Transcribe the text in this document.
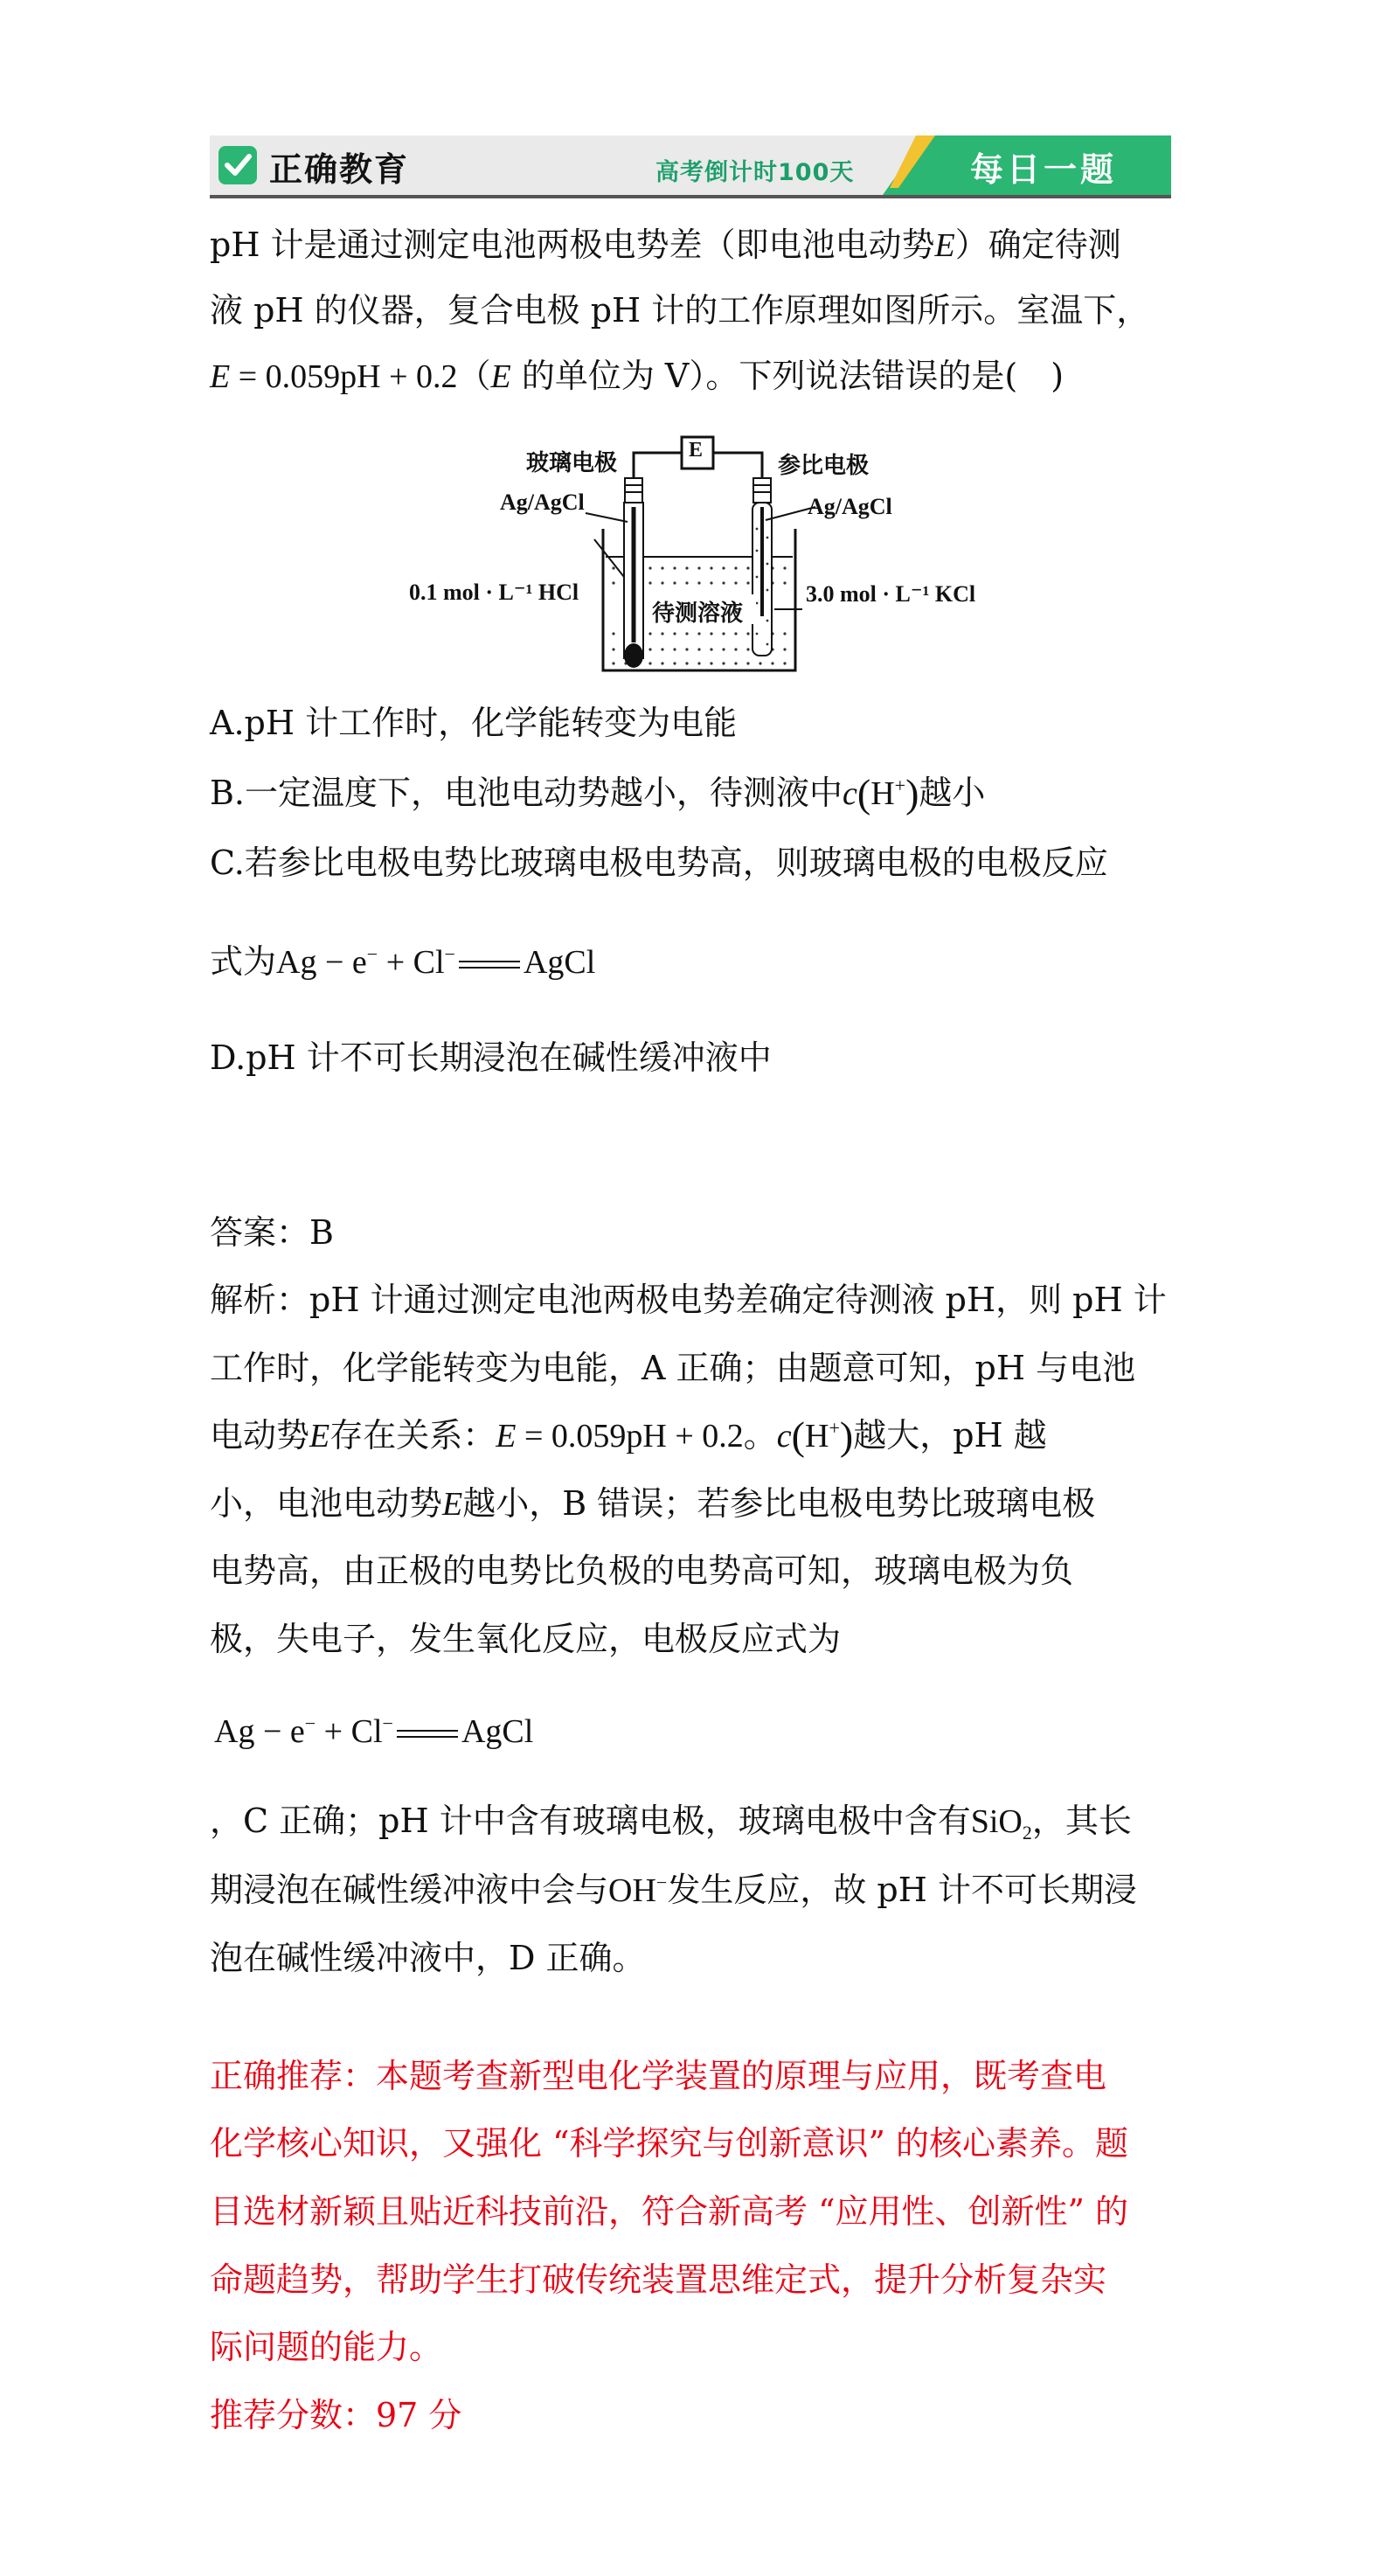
正确教育	高考倒计时100天	每日一题
pH 计是通过测定电池两极电势差（即电池电动势E）确定待测
液 pH 的仪器，复合电极 pH 计的工作原理如图所示。室温下，
E = 0.059pH + 0.2（E 的单位为 V）。下列说法错误的是(　)
玻璃电极	E
参比电极
Ag/AgCl	Ag/AgCl
0.1 mol · L⁻¹ HCl
待测溶液
3.0 mol · L⁻¹ KCl
A.pH 计工作时，化学能转变为电能
B.一定温度下，电池电动势越小，待测液中c(H+)越小
C.若参比电极电势比玻璃电极电势高，则玻璃电极的电极反应
式为Ag − e− + Cl− AgCl
D.pH 计不可长期浸泡在碱性缓冲液中
答案：B
解析：pH 计通过测定电池两极电势差确定待测液 pH，则 pH 计
工作时，化学能转变为电能，A 正确；由题意可知，pH 与电池
电动势E存在关系：E = 0.059pH + 0.2。c(H+)越大，pH 越
小，电池电动势E越小，B 错误；若参比电极电势比玻璃电极
电势高，由正极的电势比负极的电势高可知，玻璃电极为负
极，失电子，发生氧化反应，电极反应式为
Ag − e− + Cl− AgCl
，C 正确；pH 计中含有玻璃电极，玻璃电极中含有SiO$_2$，其长
期浸泡在碱性缓冲液中会与OH−发生反应，故 pH 计不可长期浸
泡在碱性缓冲液中，D 正确。
正确推荐：本题考查新型电化学装置的原理与应用，既考查电
化学核心知识，又强化 “科学探究与创新意识” 的核心素养。题
目选材新颖且贴近科技前沿，符合新高考 “应用性、创新性” 的
命题趋势，帮助学生打破传统装置思维定式，提升分析复杂实
际问题的能力。
推荐分数：97 分
